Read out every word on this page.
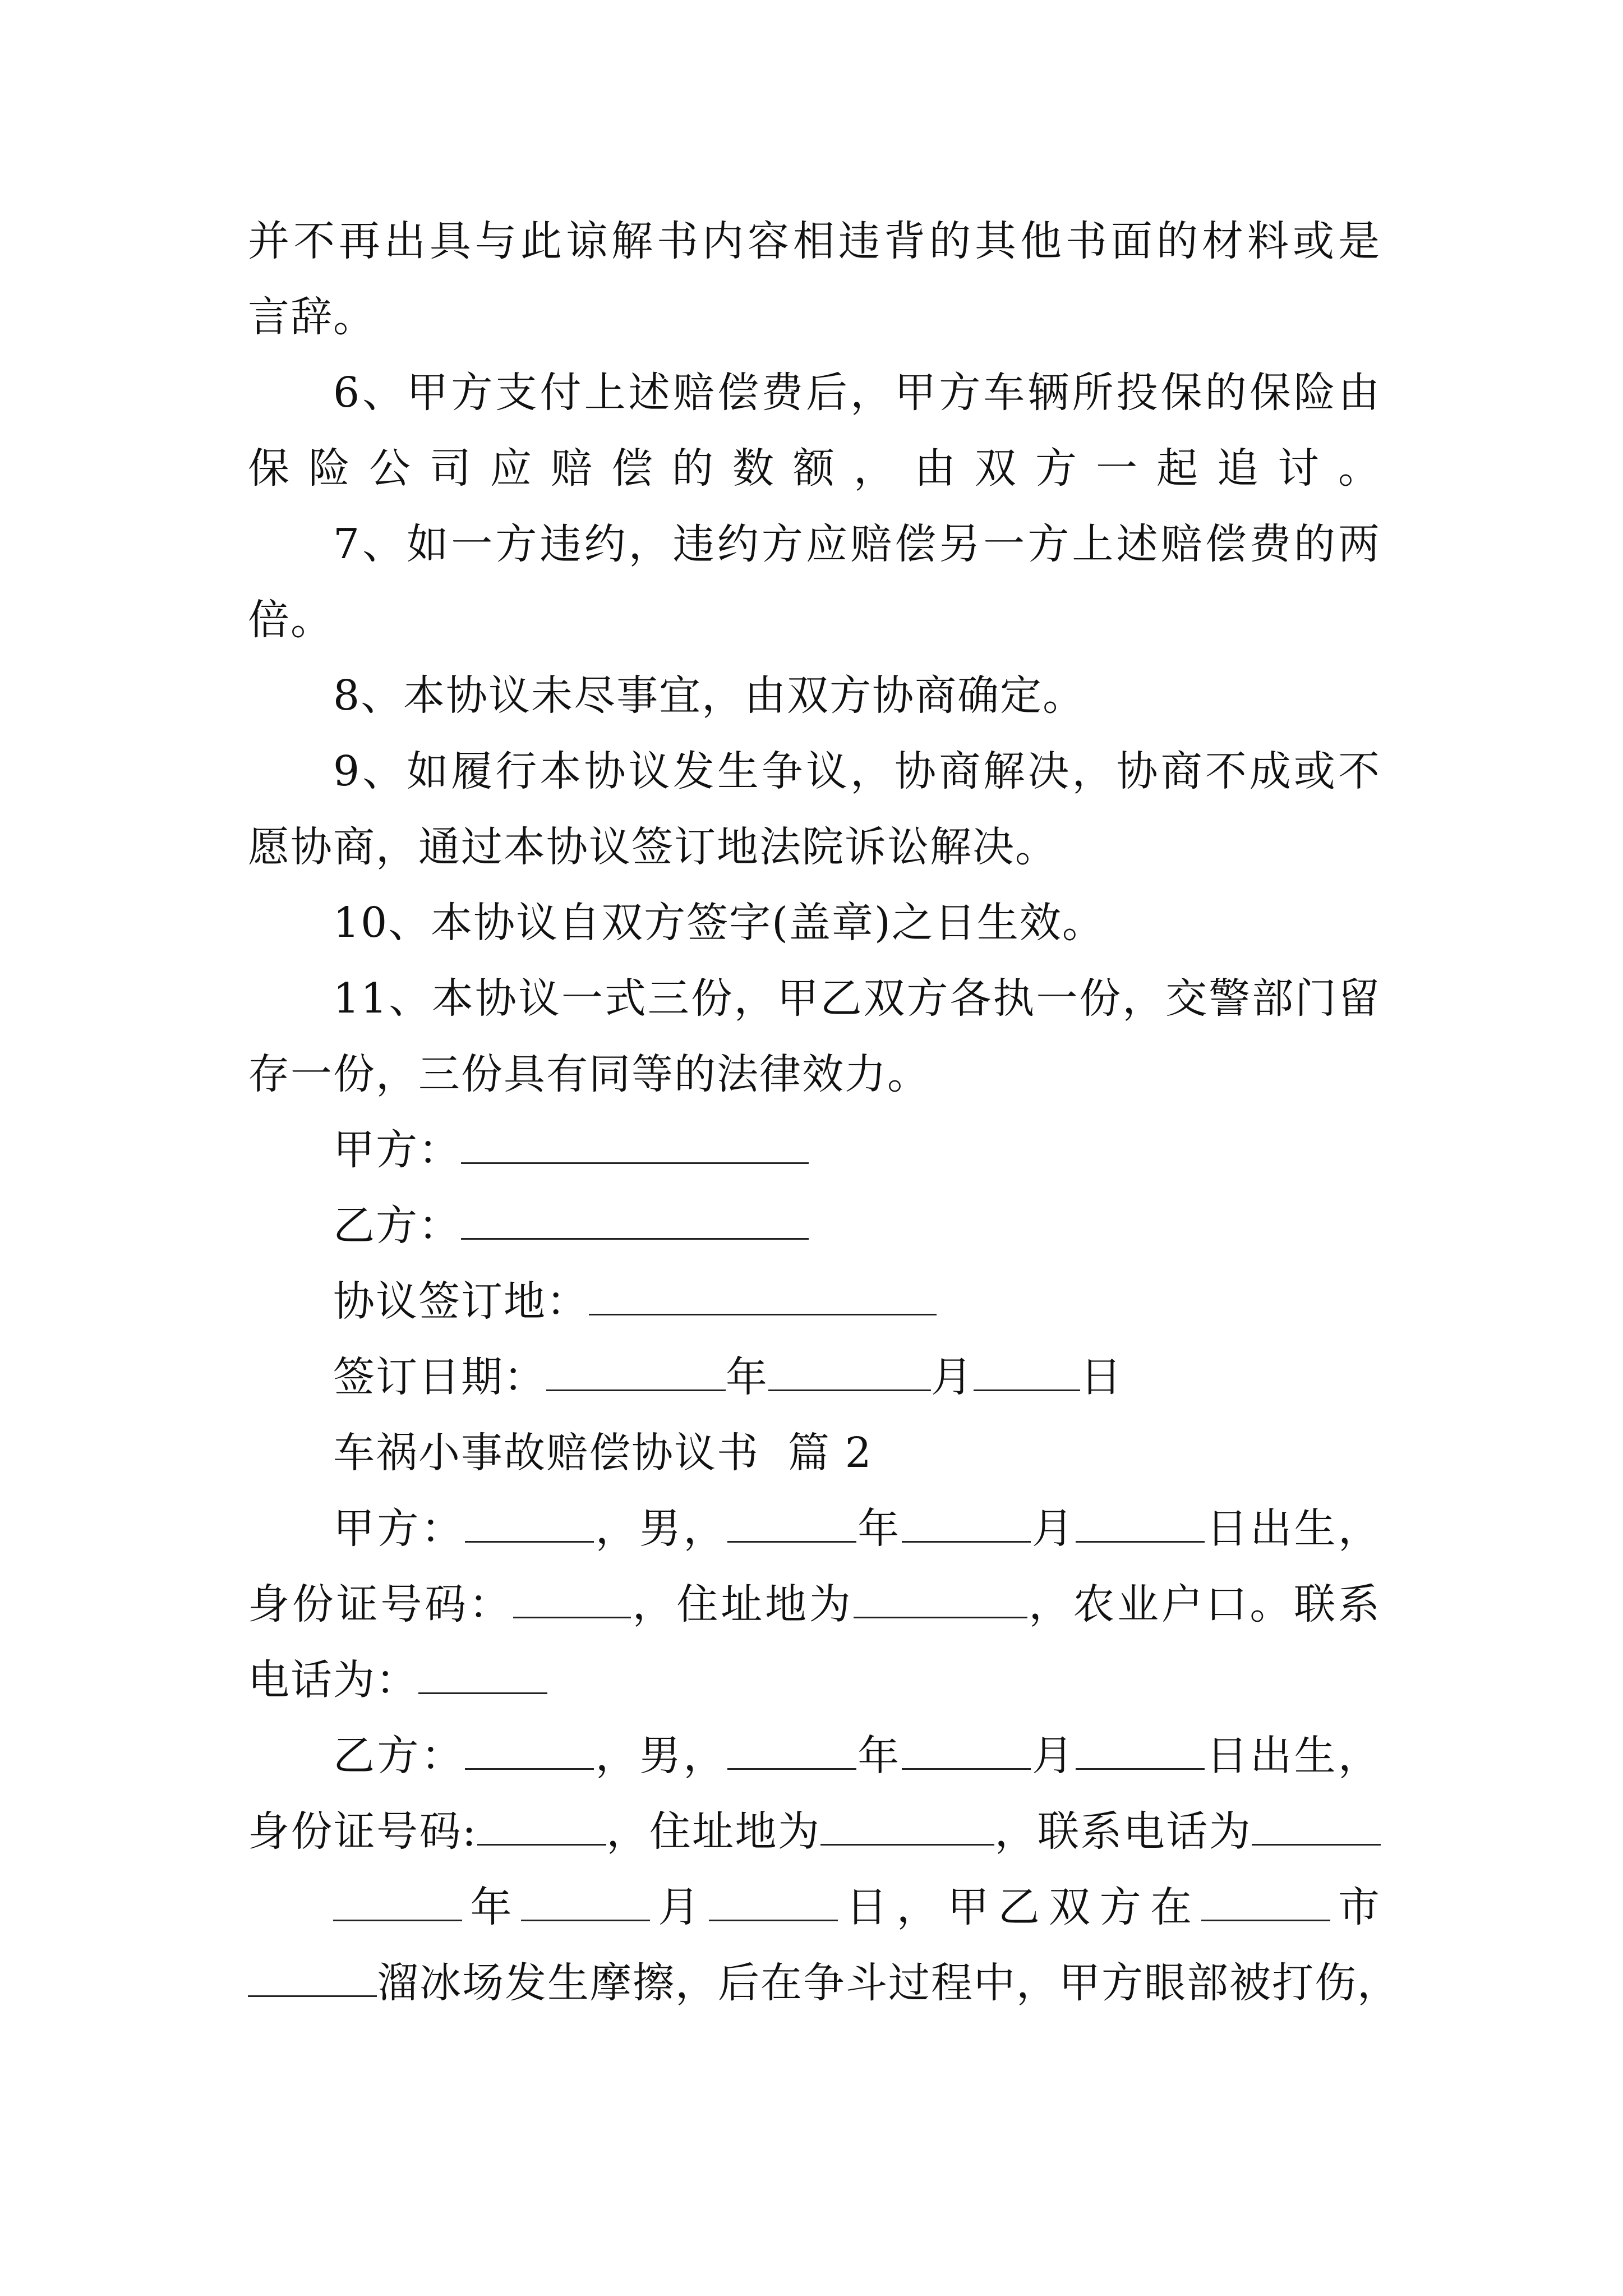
并不再出具与此谅解书内容相违背的其他书面的材料或是
言辞。
6、甲方支付上述赔偿费后，甲方车辆所投保的保险由
保险公司应赔偿的数额，由双方一起追讨。
7、如一方违约，违约方应赔偿另一方上述赔偿费的两
倍。
8、本协议未尽事宜，由双方协商确定。
9、如履行本协议发生争议，协商解决，协商不成或不
愿协商，通过本协议签订地法院诉讼解决。
10、本协议自双方签字(盖章)之日生效。
11、本协议一式三份，甲乙双方各执一份，交警部门留
存一份，三份具有同等的法律效力。
甲方：
乙方：
协议签订地：
签订日期：	年	月	日
车祸小事故赔偿协议书  篇 2
甲方：	，男，	年	月	日出生，
身份证号码：	，住址地为	，农业户口。联系
电话为：
乙方：	，男，	年	月	日出生，
身份证号码:	，住址地为	，联系电话为
年	月	日，甲乙双方在	市
溜冰场发生摩擦，后在争斗过程中，甲方眼部被打伤，
